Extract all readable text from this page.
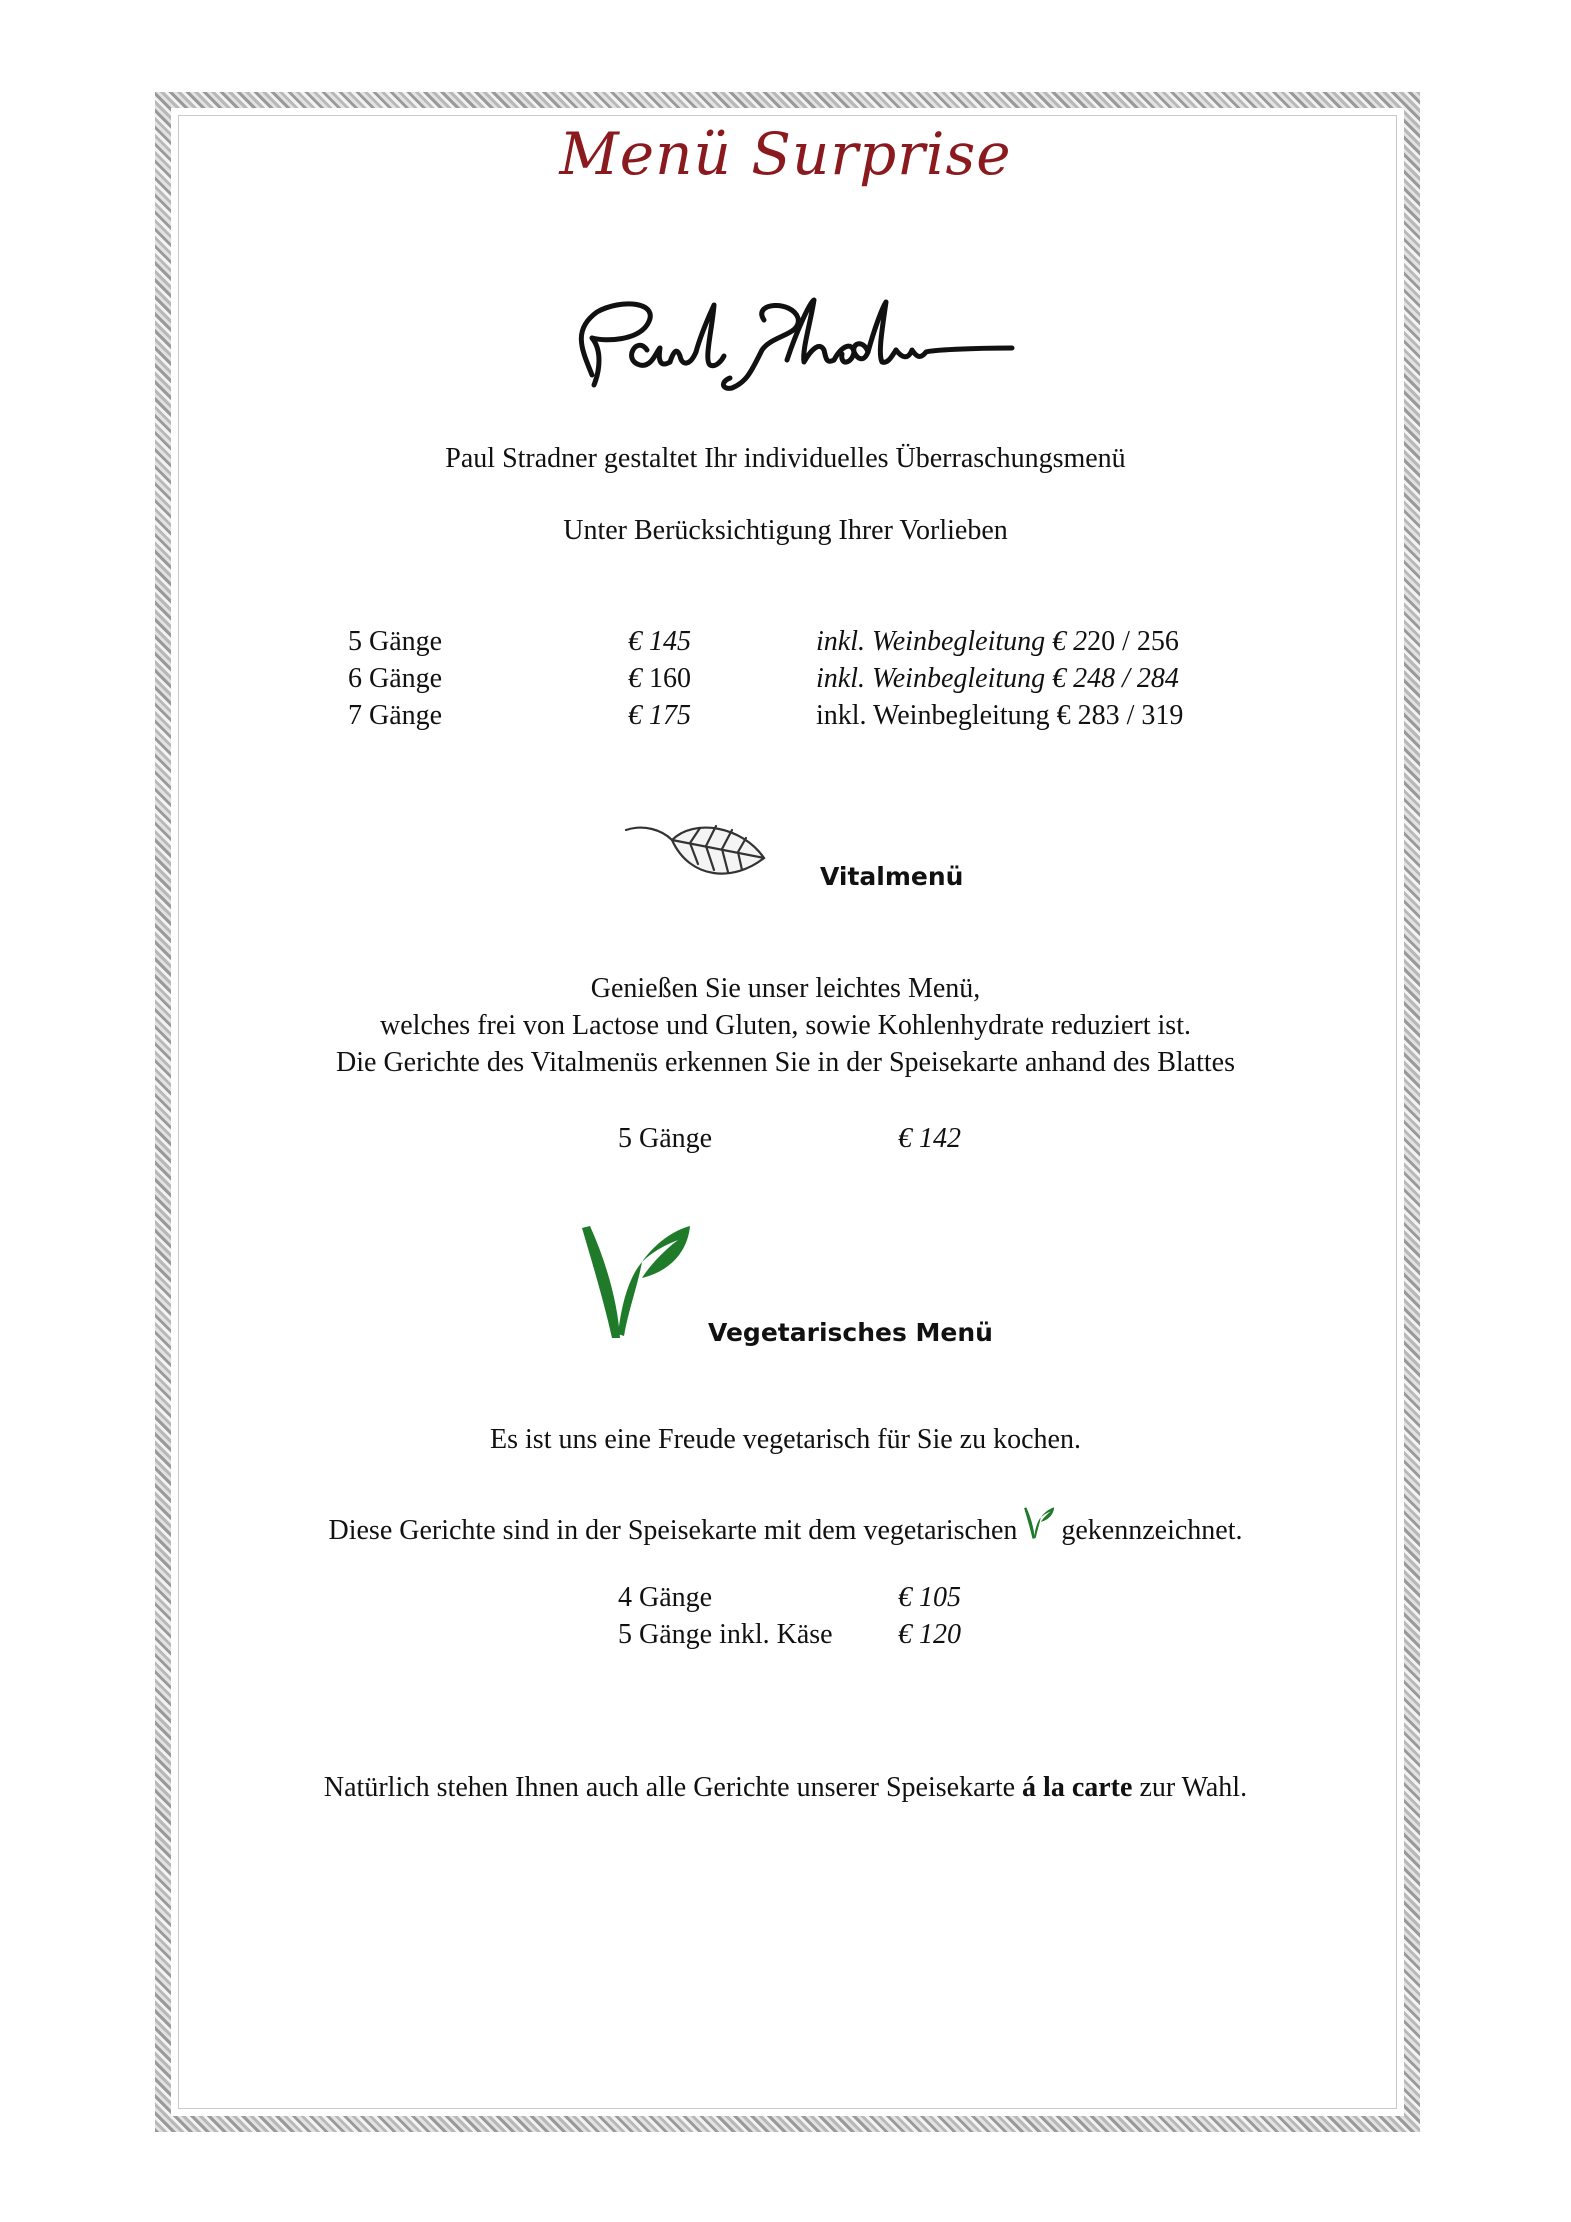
Menü Surprise
Paul Stradner gestaltet Ihr individuelles Überraschungsmenü
Unter Berücksichtigung Ihrer Vorlieben
5 Gänge	€ 145	inkl. Weinbegleitung € 220 / 256
6 Gänge	€ 160	inkl. Weinbegleitung € 248 / 284
7 Gänge	€ 175	inkl. Weinbegleitung € 283 / 319
Vitalmenü
Genießen Sie unser leichtes Menü,
welches frei von Lactose und Gluten, sowie Kohlenhydrate reduziert ist.
Die Gerichte des Vitalmenüs erkennen Sie in der Speisekarte anhand des Blattes
5 Gänge	€ 142
Vegetarisches Menü
Es ist uns eine Freude vegetarisch für Sie zu kochen.
Diese Gerichte sind in der Speisekarte mit dem vegetarischen gekennzeichnet.
4 Gänge	€ 105
5 Gänge inkl. Käse € 120
Natürlich stehen Ihnen auch alle Gerichte unserer Speisekarte á la carte zur Wahl.
